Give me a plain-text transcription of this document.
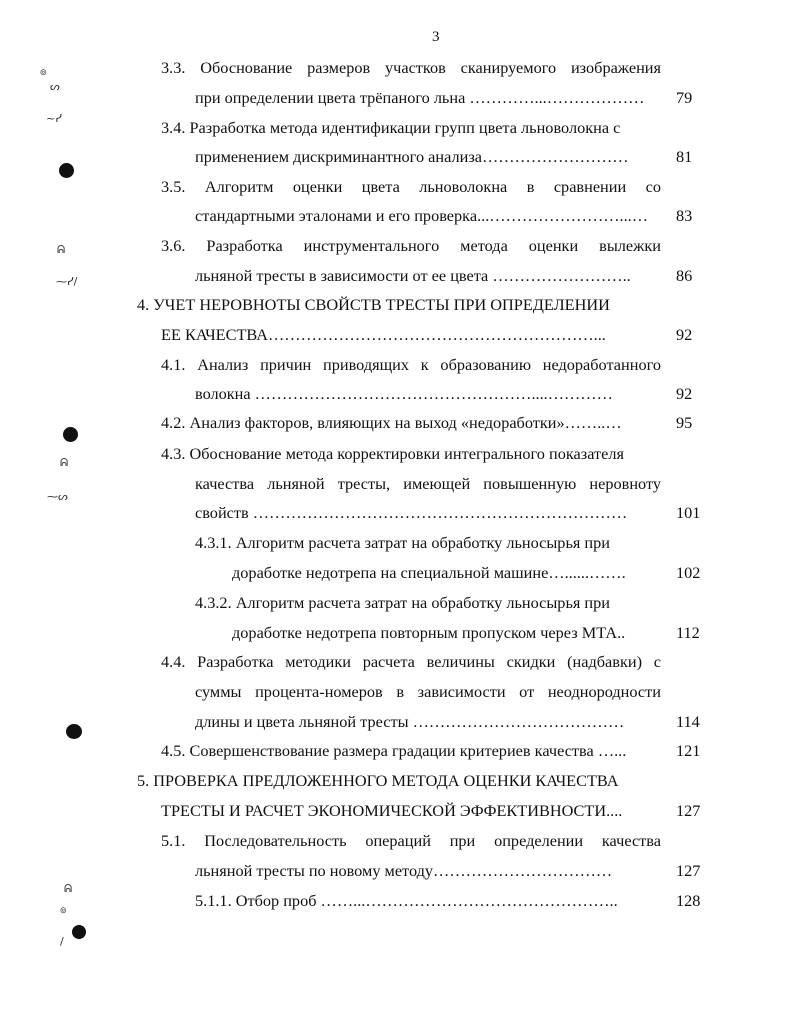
3
3.3. Обоснование размеров участков сканируемого изображения
при определении цвета трёпаного льна …………...……………… 79
3.4. Разработка метода идентификации групп цвета льноволокна с
применением дискриминантного анализа………………………	81
3.5. Алгоритм оценки цвета льноволокна в сравнении со
стандартными эталонами и его проверка...……………………...… 83
3.6. Разработка инструментального метода оценки вылежки
льняной тресты в зависимости от ее цвета ……………………..	86
4. УЧЕТ НЕРОВНОТЫ СВОЙСТВ ТРЕСТЫ ПРИ ОПРЕДЕЛЕНИИ
ЕЕ КАЧЕСТВА……………………………………………………...	92
4.1. Анализ причин приводящих к образованию недоработанного
волокна ……………………………………………....…………	92
4.2. Анализ факторов, влияющих на выход «недоработки»……..…	95
4.3. Обоснование метода корректировки интегрального показателя
качества льняной тресты, имеющей повышенную неровноту
свойств ……………………………………………………………	101
4.3.1. Алгоритм расчета затрат на обработку льносырья при
доработке недотрепа на специальной машине…......…….	102
4.3.2. Алгоритм расчета затрат на обработку льносырья при
доработке недотрепа повторным пропуском через МТА..	112
4.4. Разработка методики расчета величины скидки (надбавки) с
суммы процента-номеров в зависимости от неоднородности
длины и цвета льняной тресты …………………………………	114
4.5. Совершенствование размера градации критериев качества …...	121
5. ПРОВЕРКА ПРЕДЛОЖЕННОГО МЕТОДА ОЦЕНКИ КАЧЕСТВА
ТРЕСТЫ И РАСЧЕТ ЭКОНОМИЧЕСКОЙ ЭФФЕКТИВНОСТИ....	127
5.1. Последовательность операций при определении качества
льняной тресты по новому методу……………………………	127
5.1.1. Отбор проб ……...………………………………………..	128
๏
ᔕ
~ᓯ
ᕱ
⁓ᓯ/
ᕱ
⁓ᔕ
ᕱ
๏
/
